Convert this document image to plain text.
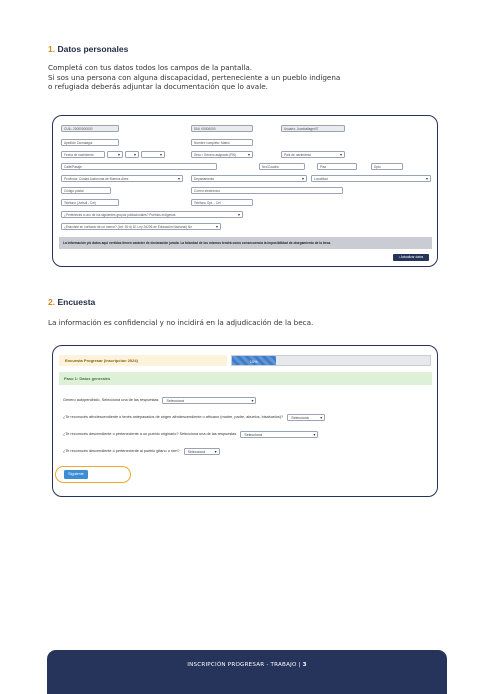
1. Datos personales
Completá con tus datos todos los campos de la pantalla.
Si sos una persona con alguna discapacidad, perteneciente a un pueblo indígena
o refugiada deberás adjuntar la documentación que lo avale.
CUIL: 20000000000	DNI: 00000000	Usuario: Juanballager07
Apellido: Domalagui	Nombre completo: Mateo
Fecha de nacimiento ▾ ▾ ▾	Sexo / Género asignado (RN) ▾	País de nacimiento ▾
Calle/Pasaje	Nro/Cuadra	Piso	Dpto
Provincia: Ciudad Autónoma de Buenos Aires ▾	Departamento ▾	Localidad ▾
Código postal	Correo electrónico
Teléfono (Jurisdi - Cel)	Teléfono Opt. - Cel
¿Pertenecés a uno de los siguientes grupos poblacionales? Pueblos indígenas ▾
¿Estuviste en contacto de un menor? (Art. 30 d) Dl. Ley 26206 de Educación Nacional) No ▾
La información y/o datos aquí vertidos tienen carácter de declaración jurada. La falsedad de los mismos tendrá como consecuencia la imposibilidad de otorgamiento de la beca.
▪ Actualizar datos
2. Encuesta
La información es confidencial y no incidirá en la adjudicación de la beca.
Encuesta Progresar (Inscripcion 2024)	10%
Paso 1: Datos generales
Género autopercibido. Seleccioná una de las respuestas Seleccioná ▾
¿Te reconocés afrodescendiente o tenés antepasados de origen afrodescendiente o africano (madre, padre, abuelos, bisabuelos)? Seleccioná ▾
¿Te reconocés descendiente o perteneciente a un pueblo originario? Seleccioná una de las respuestas Seleccioná ▾
¿Te reconocés descendiente o perteneciente al pueblo gitano o rom? Seleccioná ▾
Siguiente
INSCRIPCIÓN PROGRESAR - TRABAJO | 3
